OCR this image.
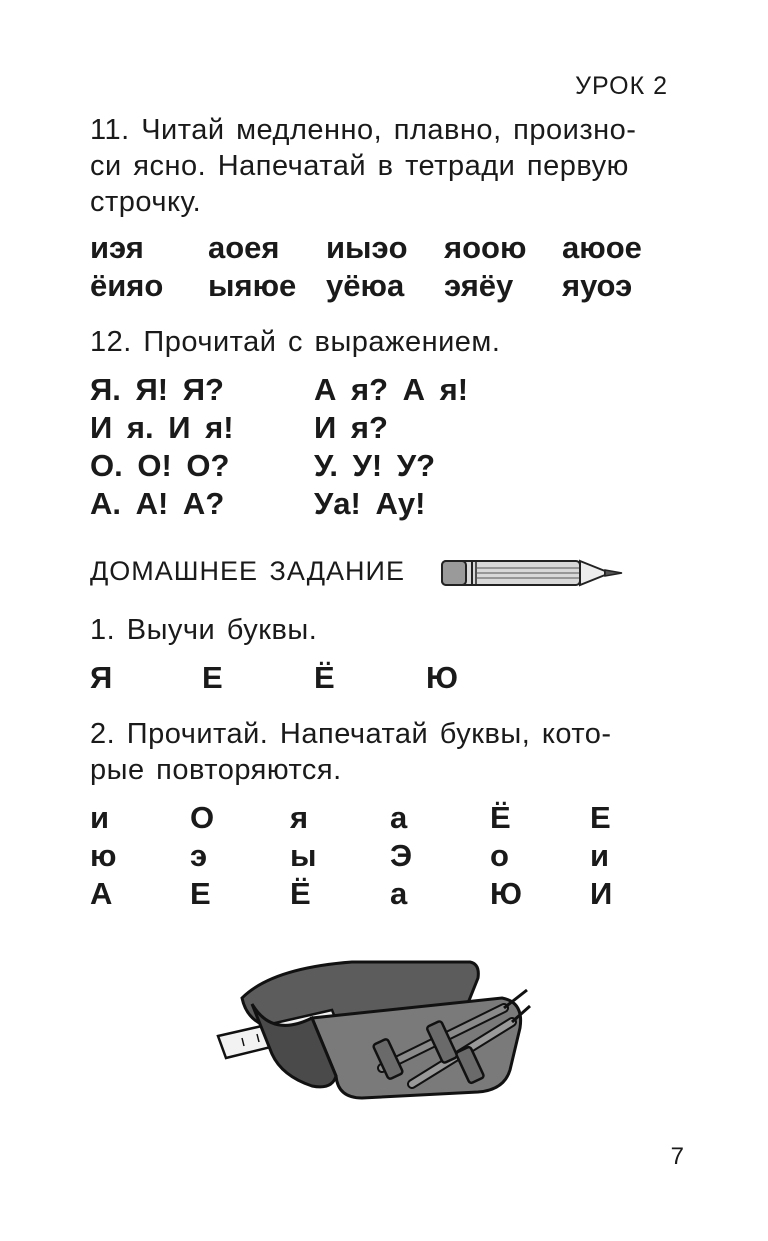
УРОК 2
11. Читай медленно, плавно, произно-
си ясно. Напечатай в тетради первую
строчку.
иэя аоея иыэо яоою аюое
ёияо ыяюе уёюа эяёу яуоэ
12. Прочитай с выражением.
Я. Я! Я?	А я? А я!
И я. И я!	И я?
О. О! О?	У. У! У?
А. А! А?	Уа! Ау!
ДОМАШНЕЕ ЗАДАНИЕ
1. Выучи буквы.
Я	Е	Ё	Ю
2. Прочитай. Напечатай буквы, кото-
рые повторяются.
и	О я	а	Ё	Е
ю э	ы Э	о	и
А	Е	Ё	а	Ю И
7
